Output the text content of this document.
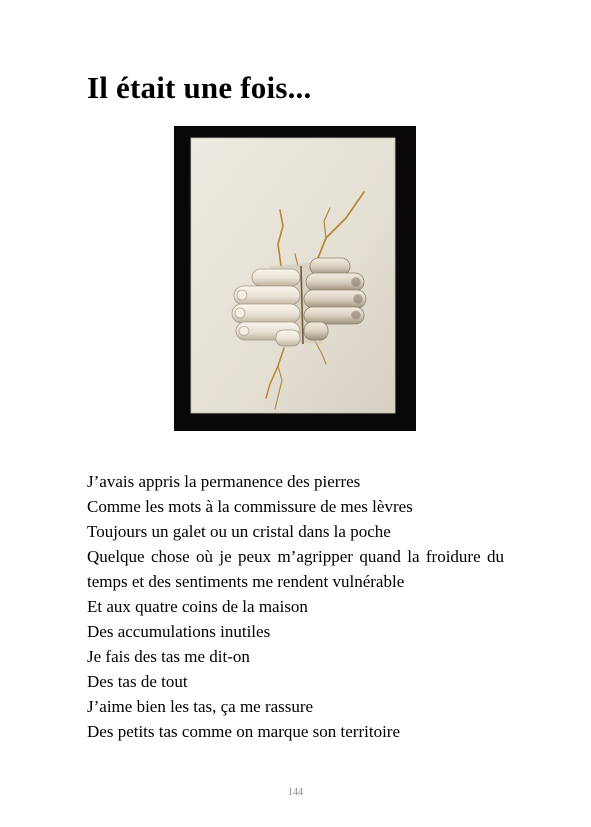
Il était une fois...
J’avais appris la permanence des pierres
Comme les mots à la commissure de mes lèvres
Toujours un galet ou un cristal dans la poche
Quelque chose où je peux m’agripper quand la froidure du temps et des sentiments me rendent vulnérable
Et aux quatre coins de la maison
Des accumulations inutiles
Je fais des tas me dit-on
Des tas de tout
J’aime bien les tas, ça me rassure
Des petits tas comme on marque son territoire
144
